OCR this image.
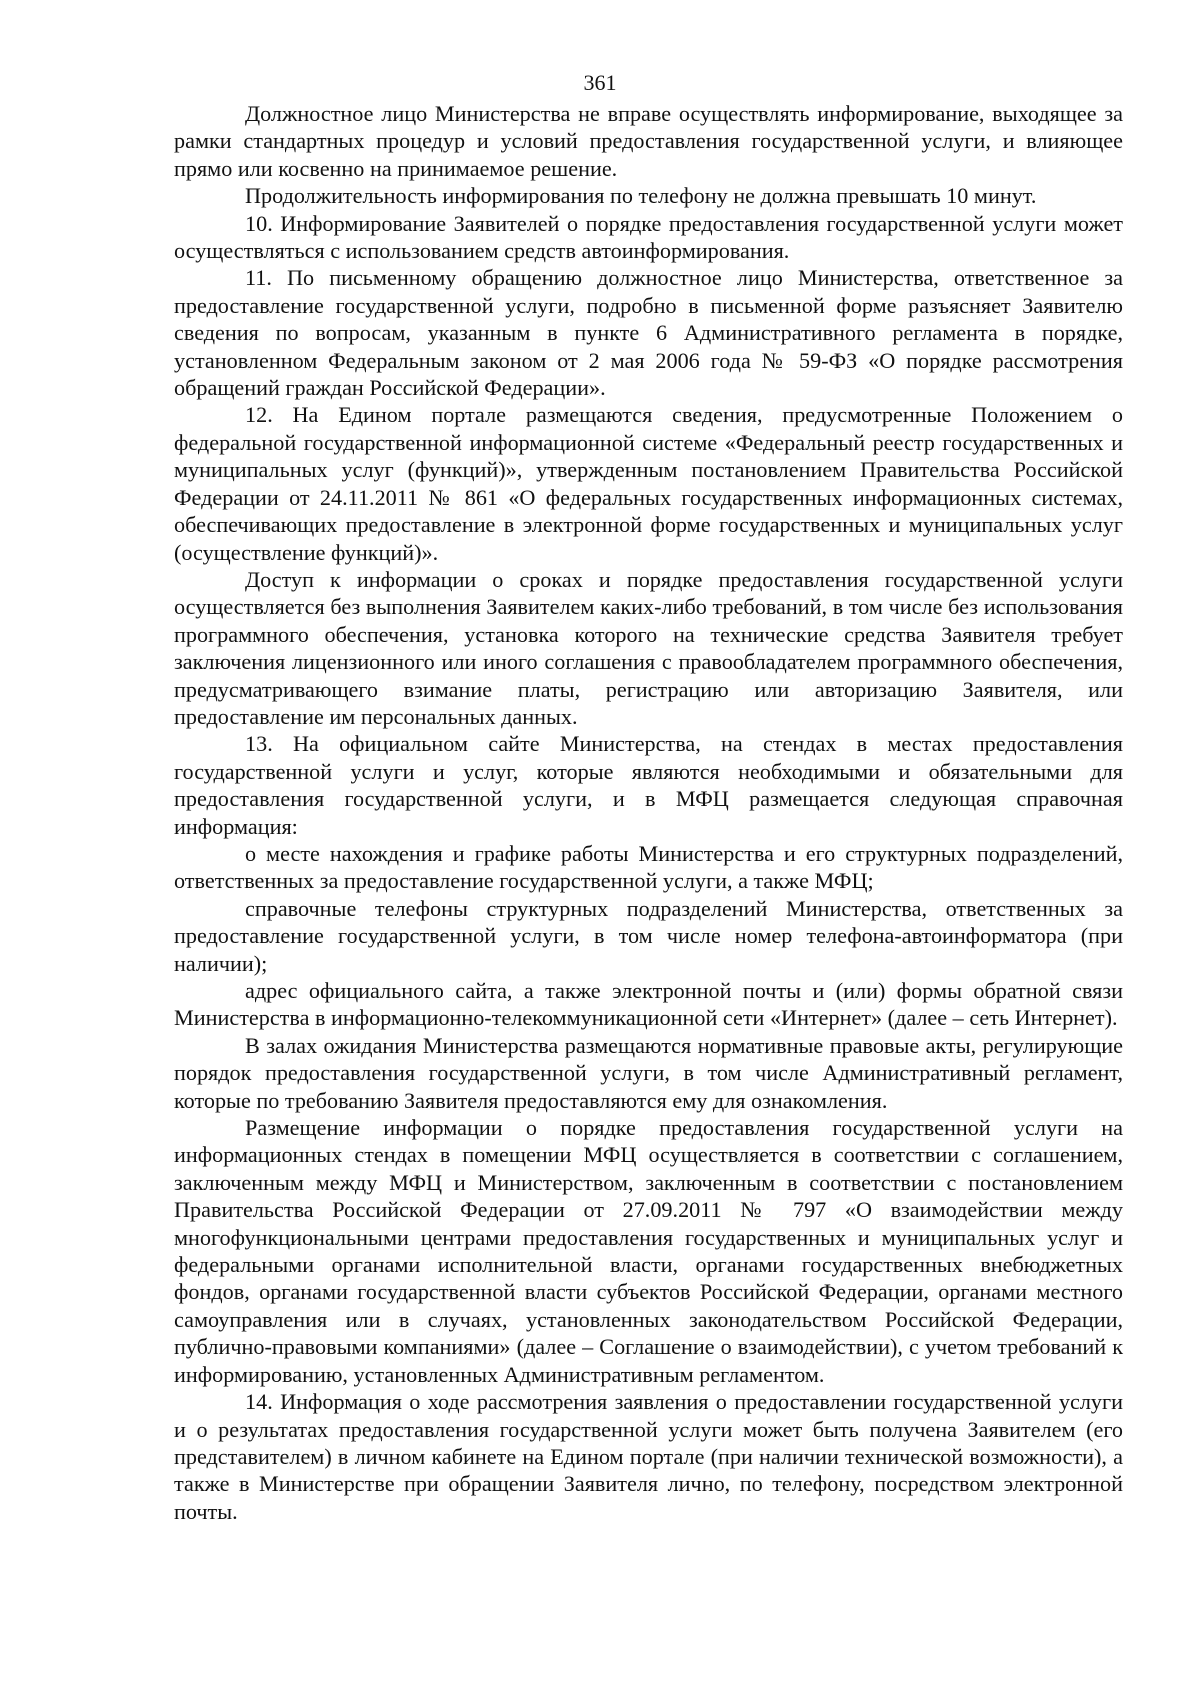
361

Должностное лицо Министерства не вправе осуществлять информирование, выходящее за рамки стандартных процедур и условий предоставления государственной услуги, и влияющее прямо или косвенно на принимаемое решение.

Продолжительность информирования по телефону не должна превышать 10 минут.

10. Информирование Заявителей о порядке предоставления государственной услуги может осуществляться с использованием средств автоинформирования.

11. По письменному обращению должностное лицо Министерства, ответственное за предоставление государственной услуги, подробно в письменной форме разъясняет Заявителю сведения по вопросам, указанным в пункте 6 Административного регламента в порядке, установленном Федеральным законом от 2 мая 2006 года № 59-ФЗ «О порядке рассмотрения обращений граждан Российской Федерации».

12. На Едином портале размещаются сведения, предусмотренные Положением о федеральной государственной информационной системе «Федеральный реестр государственных и муниципальных услуг (функций)», утвержденным постановлением Правительства Российской Федерации от 24.11.2011 № 861 «О федеральных государственных информационных системах, обеспечивающих предоставление в электронной форме государственных и муниципальных услуг (осуществление функций)».

Доступ к информации о сроках и порядке предоставления государственной услуги осуществляется без выполнения Заявителем каких-либо требований, в том числе без использования программного обеспечения, установка которого на технические средства Заявителя требует заключения лицензионного или иного соглашения с правообладателем программного обеспечения, предусматривающего взимание платы, регистрацию или авторизацию Заявителя, или предоставление им персональных данных.

13. На официальном сайте Министерства, на стендах в местах предоставления государственной услуги и услуг, которые являются необходимыми и обязательными для предоставления государственной услуги, и в МФЦ размещается следующая справочная информация:

о месте нахождения и графике работы Министерства и его структурных подразделений, ответственных за предоставление государственной услуги, а также МФЦ;

справочные телефоны структурных подразделений Министерства, ответственных за предоставление государственной услуги, в том числе номер телефона-автоинформатора (при наличии);

адрес официального сайта, а также электронной почты и (или) формы обратной связи Министерства в информационно-телекоммуникационной сети «Интернет» (далее – сеть Интернет).

В залах ожидания Министерства размещаются нормативные правовые акты, регулирующие порядок предоставления государственной услуги, в том числе Административный регламент, которые по требованию Заявителя предоставляются ему для ознакомления.

Размещение информации о порядке предоставления государственной услуги на информационных стендах в помещении МФЦ осуществляется в соответствии с соглашением, заключенным между МФЦ и Министерством, заключенным в соответствии с постановлением Правительства Российской Федерации от 27.09.2011 № 797 «О взаимодействии между многофункциональными центрами предоставления государственных и муниципальных услуг и федеральными органами исполнительной власти, органами государственных внебюджетных фондов, органами государственной власти субъектов Российской Федерации, органами местного самоуправления или в случаях, установленных законодательством Российской Федерации, публично-правовыми компаниями» (далее – Соглашение о взаимодействии), с учетом требований к информированию, установленных Административным регламентом.

14. Информация о ходе рассмотрения заявления о предоставлении государственной услуги и о результатах предоставления государственной услуги может быть получена Заявителем (его представителем) в личном кабинете на Едином портале (при наличии технической возможности), а также в Министерстве при обращении Заявителя лично, по телефону, посредством электронной почты.
